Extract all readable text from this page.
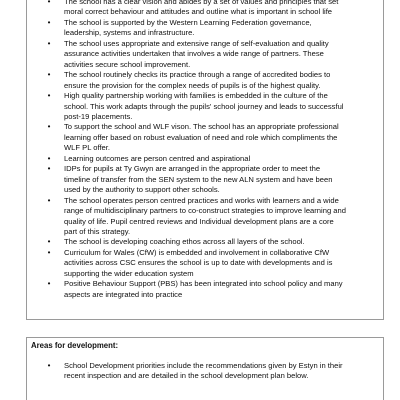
•	The school has a clear vision and abides by a set of values and principles that set
moral correct behaviour and attitudes and outline what is important in school life
•	The school is supported by the Western Learning Federation governance,
leadership, systems and infrastructure.
•	The school uses appropriate and extensive range of self-evaluation and quality
assurance activities undertaken that involves a wide range of partners. These
activities secure school improvement.
•	The school routinely checks its practice through a range of accredited bodies to
ensure the provision for the complex needs of pupils is of the highest quality.
•	High quality partnership working with families is embedded in the culture of the
school. This work adapts through the pupils' school journey and leads to successful
post-19 placements.
•	To support the school and WLF vison. The school has an appropriate professional
learning offer based on robust evaluation of need and role which compliments the
WLF PL offer.
•	Learning outcomes are person centred and aspirational
•	IDPs for pupils at Ty Gwyn are arranged in the appropriate order to meet the
timeline of transfer from the SEN system to the new ALN system and have been
used by the authority to support other schools.
•	The school operates person centred practices and works with learners and a wide
range of multidisciplinary partners to co-construct strategies to improve learning and
quality of life. Pupil centred reviews and Individual development plans are a core
part of this strategy.
•	The school is developing coaching ethos across all layers of the school.
•	Curriculum for Wales (CfW) is embedded and involvement in collaborative CfW
activities across CSC ensures the school is up to date with developments and is
supporting the wider education system
•	Positive Behaviour Support (PBS) has been integrated into school policy and many
aspects are integrated into practice
Areas for development:
•	School Development priorities include the recommendations given by Estyn in their
recent inspection and are detailed in the school development plan below.
